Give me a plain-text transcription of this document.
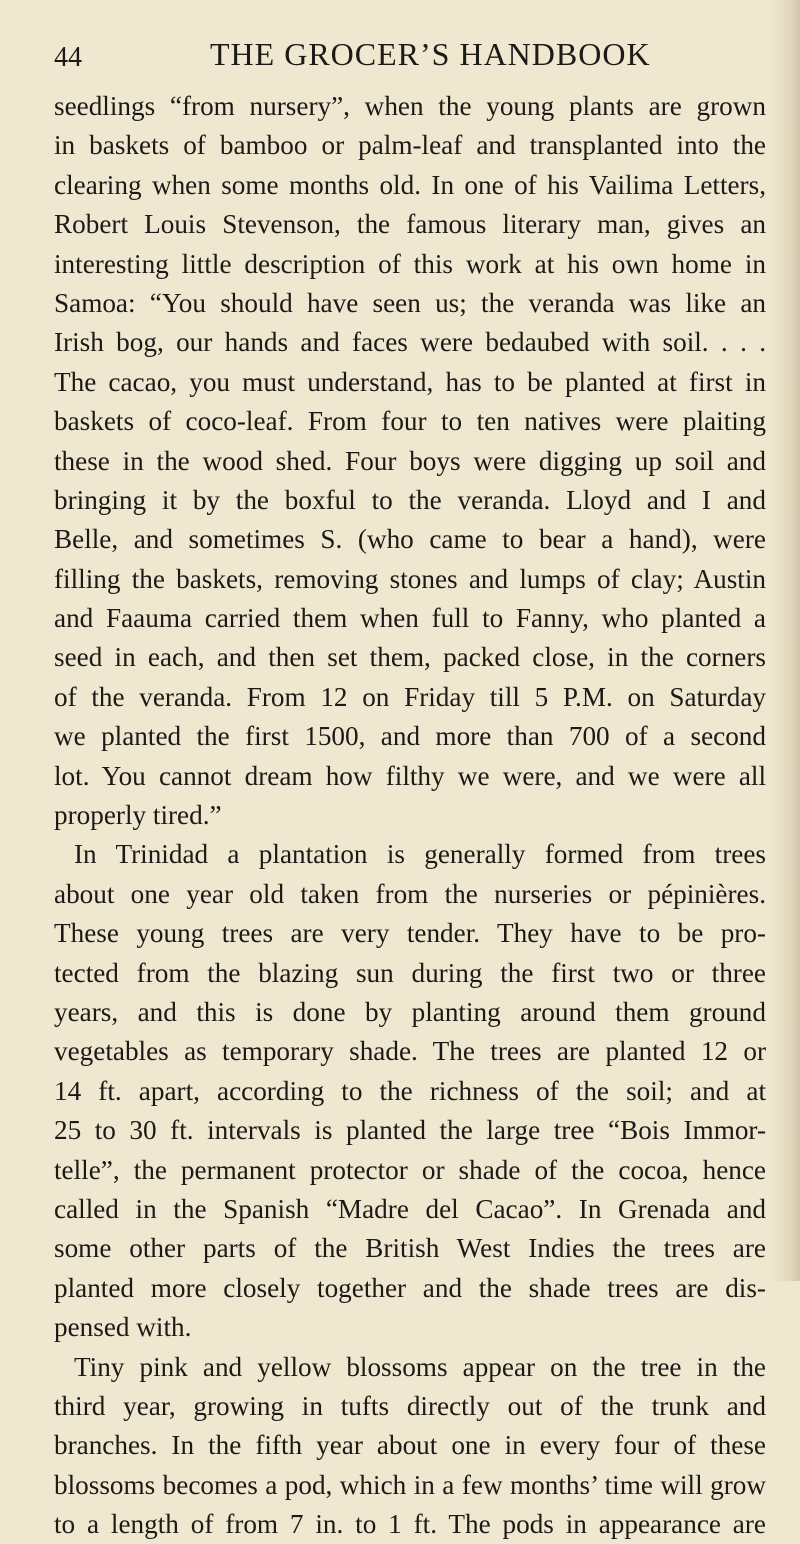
44	THE GROCER’S HANDBOOK
seedlings “from nursery”, when the young plants are grown
in baskets of bamboo or palm-leaf and transplanted into the
clearing when some months old. In one of his Vailima Letters,
Robert Louis Stevenson, the famous literary man, gives an
interesting little description of this work at his own home in
Samoa: “You should have seen us; the veranda was like an
Irish bog, our hands and faces were bedaubed with soil. . . .
The cacao, you must understand, has to be planted at first in
baskets of coco-leaf. From four to ten natives were plaiting
these in the wood shed. Four boys were digging up soil and
bringing it by the boxful to the veranda. Lloyd and I and
Belle, and sometimes S. (who came to bear a hand), were
filling the baskets, removing stones and lumps of clay; Austin
and Faauma carried them when full to Fanny, who planted a
seed in each, and then set them, packed close, in the corners
of the veranda. From 12 on Friday till 5 P.M. on Saturday
we planted the first 1500, and more than 700 of a second
lot. You cannot dream how filthy we were, and we were all
properly tired.”
In Trinidad a plantation is generally formed from trees
about one year old taken from the nurseries or pépinières.
These young trees are very tender. They have to be pro-
tected from the blazing sun during the first two or three
years, and this is done by planting around them ground
vegetables as temporary shade. The trees are planted 12 or
14 ft. apart, according to the richness of the soil; and at
25 to 30 ft. intervals is planted the large tree “Bois Immor-
telle”, the permanent protector or shade of the cocoa, hence
called in the Spanish “Madre del Cacao”. In Grenada and
some other parts of the British West Indies the trees are
planted more closely together and the shade trees are dis-
pensed with.
Tiny pink and yellow blossoms appear on the tree in the
third year, growing in tufts directly out of the trunk and
branches. In the fifth year about one in every four of these
blossoms becomes a pod, which in a few months’ time will grow
to a length of from 7 in. to 1 ft. The pods in appearance are
